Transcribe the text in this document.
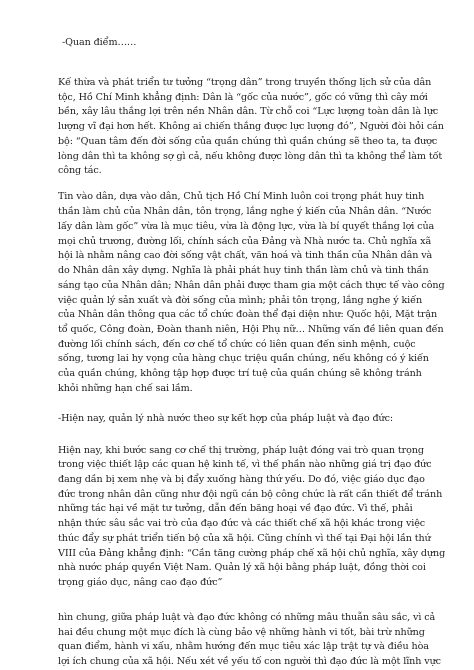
-Quan điểm……
Kế thừa và phát triển tư tưởng “trọng dân” trong truyền thống lịch sử của dân
tộc, Hồ Chí Minh khẳng định: Dân là “gốc của nước”, gốc có vững thì cây mới
bền, xây lâu thắng lợi trên nền Nhân dân. Từ chỗ coi “Lực lượng toàn dân là lực
lượng vĩ đại hơn hết. Không ai chiến thắng được lực lượng đó”, Người đòi hỏi cán
bộ: “Quan tâm đến đời sống của quần chúng thì quần chúng sẽ theo ta, ta được
lòng dân thì ta không sợ gì cả, nếu không được lòng dân thì ta không thể làm tốt
công tác.
Tin vào dân, dựa vào dân, Chủ tịch Hồ Chí Minh luôn coi trọng phát huy tinh
thần làm chủ của Nhân dân, tôn trọng, lắng nghe ý kiến của Nhân dân. “Nước
lấy dân làm gốc” vừa là mục tiêu, vừa là động lực, vừa là bí quyết thắng lợi của
mọi chủ trương, đường lối, chính sách của Đảng và Nhà nước ta. Chủ nghĩa xã
hội là nhằm nâng cao đời sống vật chất, văn hoá và tinh thần của Nhân dân và
do Nhân dân xây dựng. Nghĩa là phải phát huy tinh thần làm chủ và tinh thần
sáng tạo của Nhân dân; Nhân dân phải được tham gia một cách thực tế vào công
việc quản lý sản xuất và đời sống của mình; phải tôn trọng, lắng nghe ý kiến
của Nhân dân thông qua các tổ chức đoàn thể đại diện như: Quốc hội, Mặt trận
tổ quốc, Công đoàn, Đoàn thanh niên, Hội Phụ nữ… Những vấn đề liên quan đến
đường lối chính sách, đến cơ chế tổ chức có liên quan đến sinh mệnh, cuộc
sống, tương lai hy vọng của hàng chục triệu quần chúng, nếu không có ý kiến
của quần chúng, không tập hợp được trí tuệ của quần chúng sẽ không tránh
khỏi những hạn chế sai lầm.
-Hiện nay, quản lý nhà nước theo sự kết hợp của pháp luật và đạo đức:
Hiện nay, khi bước sang cơ chế thị trường, pháp luật đóng vai trò quan trọng
trong việc thiết lập các quan hệ kinh tế, vì thế phần nào những giá trị đạo đức
đang dần bị xem nhẹ và bị đẩy xuống hàng thứ yếu. Do đó, việc giáo dục đạo
đức trong nhân dân cũng như đội ngũ cán bộ công chức là rất cần thiết để tránh
những tác hại về mặt tư tưởng, dẫn đến băng hoại về đạo đức. Vì thế, phải
nhận thức sâu sắc vai trò của đạo đức và các thiết chế xã hội khác trong việc
thúc đẩy sự phát triển tiến bộ của xã hội. Cũng chính vì thế tại Đại hội lần thứ
VIII của Đảng khẳng định: “Cần tăng cường pháp chế xã hội chủ nghĩa, xây dựng
nhà nước pháp quyền Việt Nam. Quản lý xã hội bằng pháp luật, đồng thời coi
trọng giáo dục, nâng cao đạo đức”
hìn chung, giữa pháp luật và đạo đức không có những mâu thuẫn sâu sắc, vì cả
hai đều chung một mục đích là cùng bảo vệ những hành vi tốt, bài trừ những
quan điểm, hành vi xấu, nhằm hướng đến mục tiêu xác lập trật tự và điều hòa
lợi ích chung của xã hội. Nếu xét về yếu tố con người thì đạo đức là một lĩnh vực
